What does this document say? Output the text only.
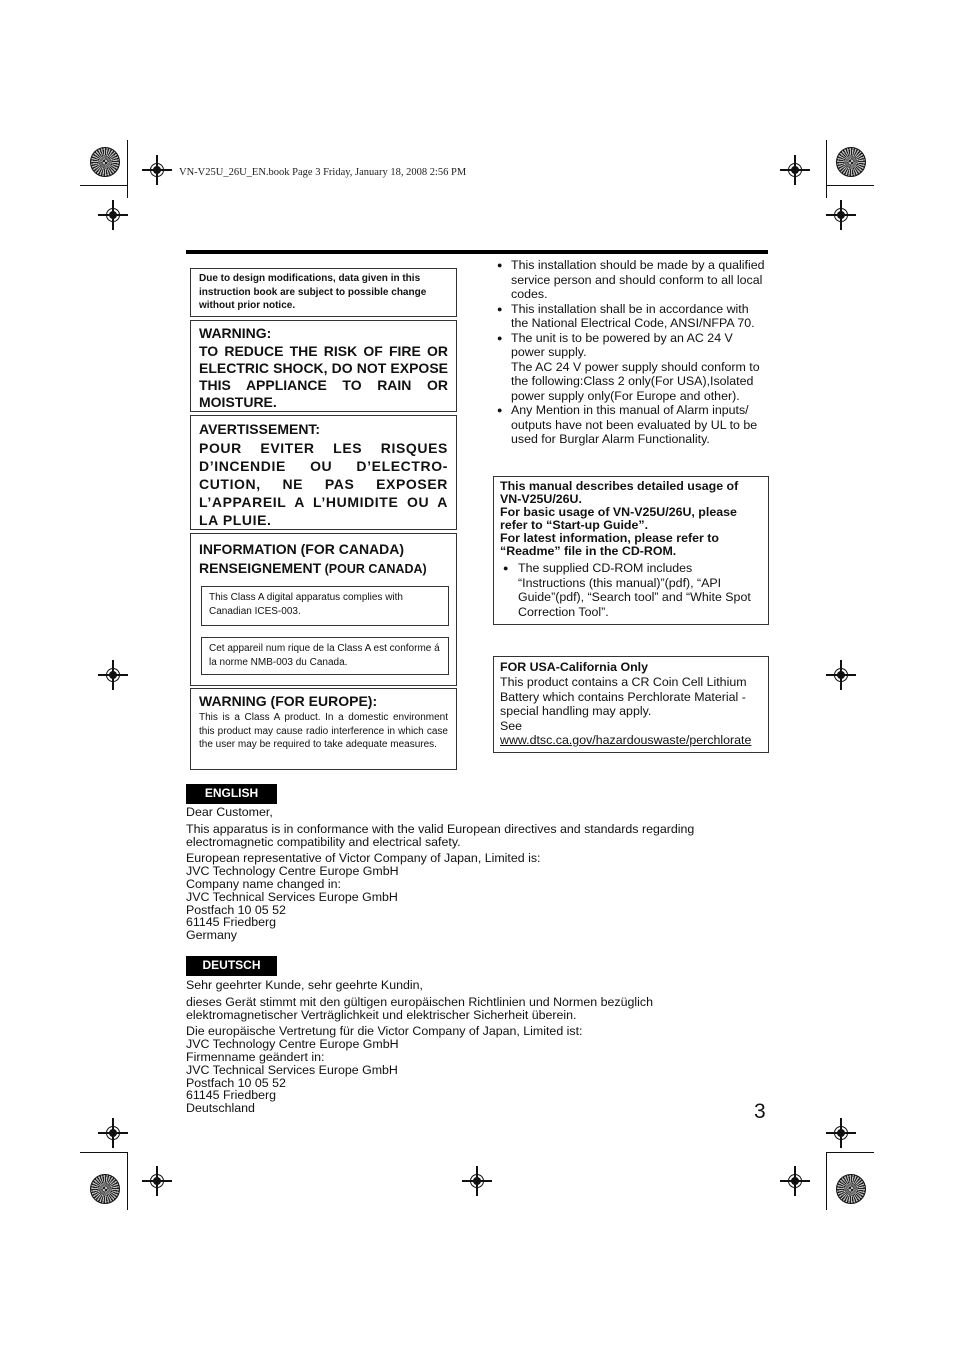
VN-V25U_26U_EN.book Page 3 Friday, January 18, 2008 2:56 PM
Due to design modifications, data given in this instruction book are subject to possible change without prior notice.
WARNING:
TO REDUCE THE RISK OF FIRE OR ELECTRIC SHOCK, DO NOT EXPOSE THIS APPLIANCE TO RAIN OR MOISTURE.
AVERTISSEMENT:
POUR EVITER LES RISQUES D’INCENDIE OU D’ELECTRO-CUTION, NE PAS EXPOSER L’APPAREIL A L’HUMIDITE OU A LA PLUIE.
INFORMATION (FOR CANADA)
RENSEIGNEMENT (POUR CANADA)
This Class A digital apparatus complies with Canadian ICES-003.
Cet appareil num rique de la Class A est conforme á la norme NMB-003 du Canada.
WARNING (FOR EUROPE):
This is a Class A product. In a domestic environment this product may cause radio interference in which case the user may be required to take adequate measures.
● This installation should be made by a qualified service person and should conform to all local codes.
● This installation shall be in accordance with the National Electrical Code, ANSI/NFPA 70.
● The unit is to be powered by an AC 24 V power supply.
The AC 24 V power supply should conform to the following:Class 2 only(For USA),Isolated power supply only(For Europe and other).
● Any Mention in this manual of Alarm inputs/ outputs have not been evaluated by UL to be used for Burglar Alarm Functionality.
This manual describes detailed usage of VN-V25U/26U.
For basic usage of VN-V25U/26U, please refer to “Start-up Guide”.
For latest information, please refer to “Readme” file in the CD-ROM.
● The supplied CD-ROM includes “Instructions (this manual)”(pdf), “API Guide”(pdf), “Search tool” and “White Spot Correction Tool”.
FOR USA-California Only
This product contains a CR Coin Cell Lithium Battery which contains Perchlorate Material - special handling may apply.
See
www.dtsc.ca.gov/hazardouswaste/perchlorate
ENGLISH

Dear Customer,

This apparatus is in conformance with the valid European directives and standards regarding electromagnetic compatibility and electrical safety.

European representative of Victor Company of Japan, Limited is:
JVC Technology Centre Europe GmbH
Company name changed in:
JVC Technical Services Europe GmbH
Postfach 10 05 52
61145 Friedberg
Germany
DEUTSCH

Sehr geehrter Kunde, sehr geehrte Kundin,

dieses Gerät stimmt mit den gültigen europäischen Richtlinien und Normen bezüglich elektromagnetischer Verträglichkeit und elektrischer Sicherheit überein.

Die europäische Vertretung für die Victor Company of Japan, Limited ist:
JVC Technology Centre Europe GmbH
Firmenname geändert in:
JVC Technical Services Europe GmbH
Postfach 10 05 52
61145 Friedberg
Deutschland	3
